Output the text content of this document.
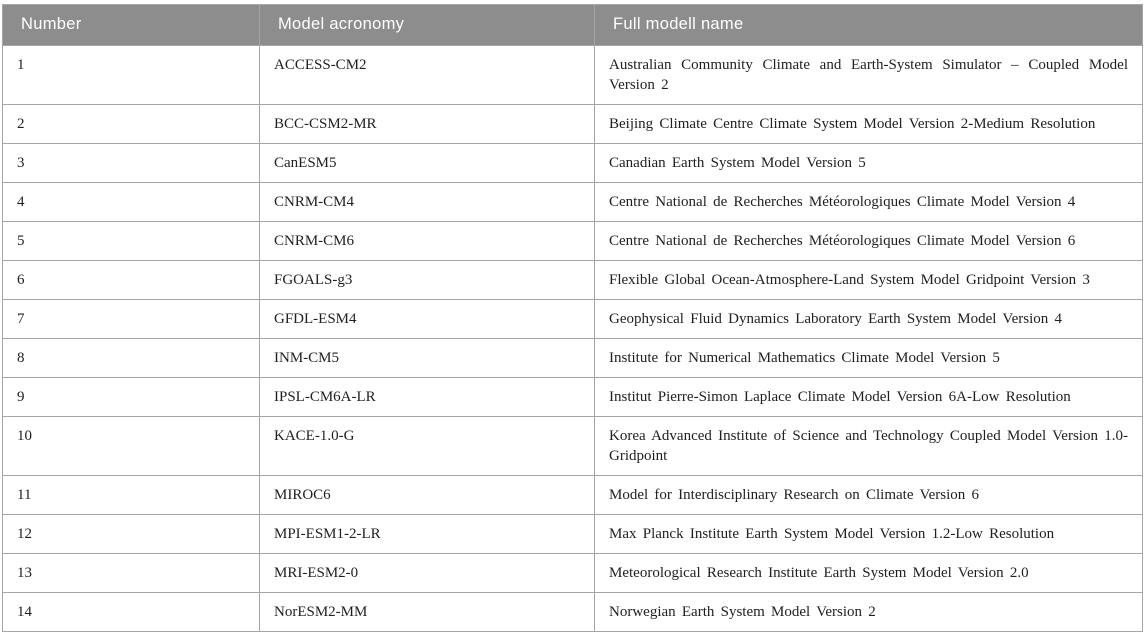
Number	Model acronomy	Full modell name
1	ACCESS-CM2	Australian Community Climate and Earth-System Simulator – Coupled Model Version 2
2	BCC-CSM2-MR	Beijing Climate Centre Climate System Model Version 2-Medium Resolution
3	CanESM5	Canadian Earth System Model Version 5
4	CNRM-CM4	Centre National de Recherches Météorologiques Climate Model Version 4
5	CNRM-CM6	Centre National de Recherches Météorologiques Climate Model Version 6
6	FGOALS-g3	Flexible Global Ocean-Atmosphere-Land System Model Gridpoint Version 3
7	GFDL-ESM4	Geophysical Fluid Dynamics Laboratory Earth System Model Version 4
8	INM-CM5	Institute for Numerical Mathematics Climate Model Version 5
9	IPSL-CM6A-LR	Institut Pierre-Simon Laplace Climate Model Version 6A-Low Resolution
10	KACE-1.0-G	Korea Advanced Institute of Science and Technology Coupled Model Version 1.0-Gridpoint
11	MIROC6	Model for Interdisciplinary Research on Climate Version 6
12	MPI-ESM1-2-LR	Max Planck Institute Earth System Model Version 1.2-Low Resolution
13	MRI-ESM2-0	Meteorological Research Institute Earth System Model Version 2.0
14	NorESM2-MM	Norwegian Earth System Model Version 2
